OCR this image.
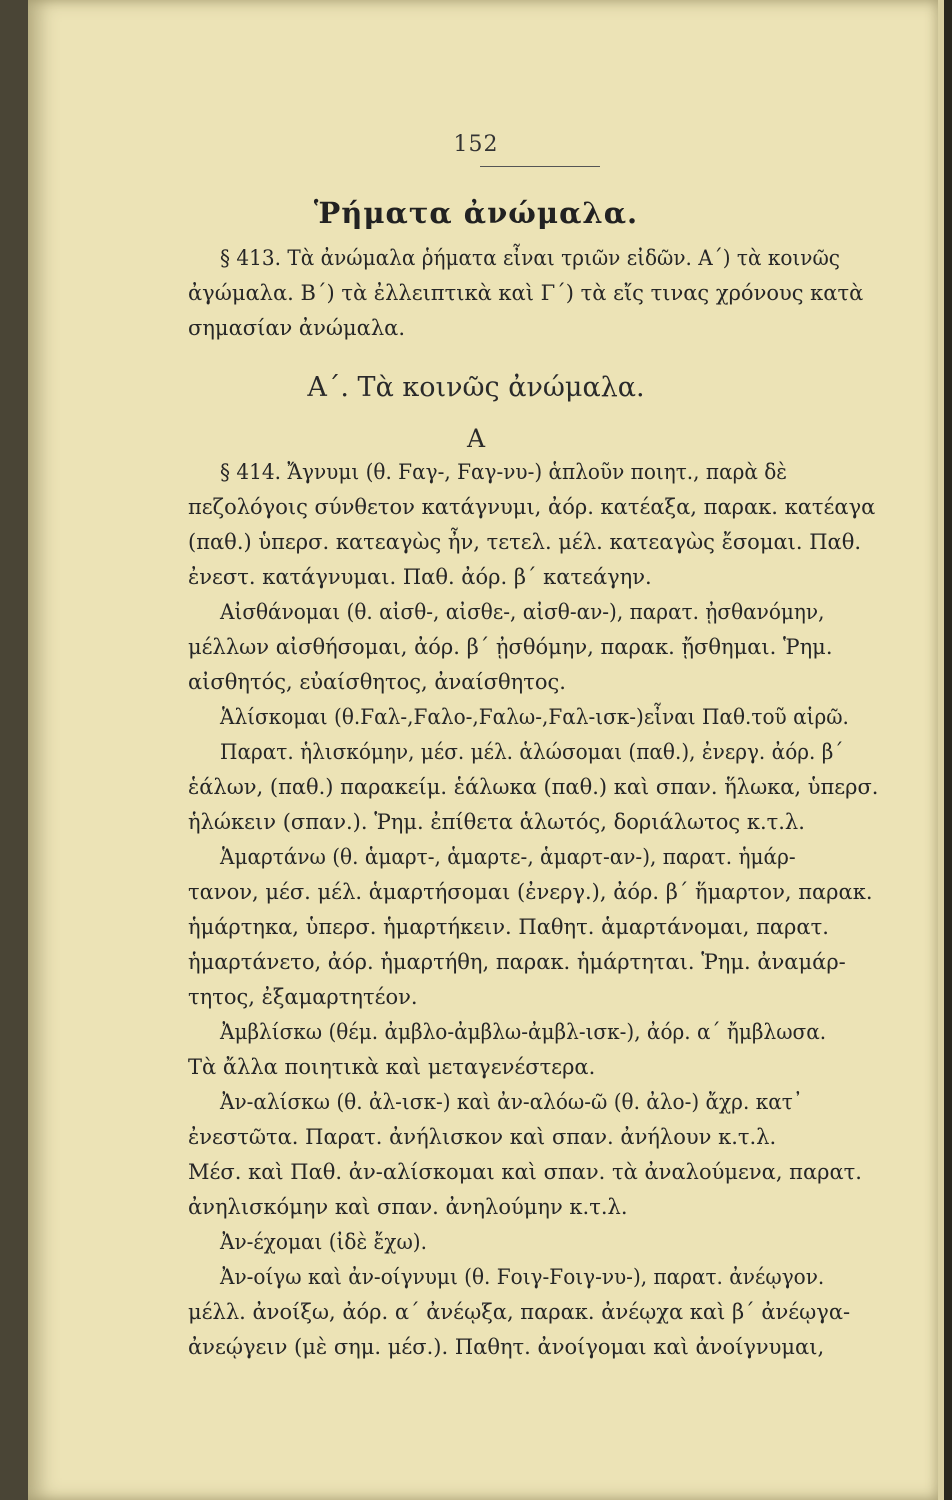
152
Ῥήματα ἀνώμαλα.
§ 413. Τὰ ἀνώμαλα ῥήματα εἶναι τριῶν εἰδῶν. Α΄) τὰ κοινῶς
ἀγώμαλα. Β΄) τὰ ἐλλειπτικὰ καὶ Γ΄) τὰ εἴς τινας χρόνους κατὰ
σημασίαν ἀνώμαλα.
Α΄. Τὰ κοινῶς ἀνώμαλα.
Α
§ 414. Ἄγνυμι (θ. Ϝαγ-, Ϝαγ-νυ-) ἁπλοῦν ποιητ., παρὰ δὲ
πεζολόγοις σύνθετον κατάγνυμι, ἀόρ. κατέαξα, παρακ. κατέαγα
(παθ.) ὑπερσ. κατεαγὼς ἦν, τετελ. μέλ. κατεαγὼς ἔσομαι. Παθ.
ἐνεστ. κατάγνυμαι. Παθ. ἀόρ. β΄ κατεάγην.
Αἰσθάνομαι (θ. αἰσθ-, αἰσθε-, αἰσθ-αν-), παρατ. ᾐσθανόμην,
μέλλων αἰσθήσομαι, ἀόρ. β΄ ᾐσθόμην, παρακ. ᾔσθημαι. Ῥημ.
αἰσθητός, εὐαίσθητος, ἀναίσθητος.
Ἁλίσκομαι (θ.Ϝαλ-,Ϝαλο-,Ϝαλω-,Ϝαλ-ισκ-)εἶναι Παθ.τοῦ αἱρῶ.
Παρατ. ἡλισκόμην, μέσ. μέλ. ἁλώσομαι (παθ.), ἐνεργ. ἀόρ. β΄
ἑάλων, (παθ.) παρακείμ. ἑάλωκα (παθ.) καὶ σπαν. ἥλωκα, ὑπερσ.
ἡλώκειν (σπαν.). Ῥημ. ἐπίθετα ἁλωτός, δοριάλωτος κ.τ.λ.
Ἁμαρτάνω (θ. ἁμαρτ-, ἁμαρτε-, ἁμαρτ-αν-), παρατ. ἡμάρ-
τανον, μέσ. μέλ. ἁμαρτήσομαι (ἐνεργ.), ἀόρ. β΄ ἥμαρτον, παρακ.
ἡμάρτηκα, ὑπερσ. ἡμαρτήκειν. Παθητ. ἁμαρτάνομαι, παρατ.
ἡμαρτάνετο, ἀόρ. ἡμαρτήθη, παρακ. ἡμάρτηται. Ῥημ. ἀναμάρ-
τητος, ἐξαμαρτητέον.
Ἀμβλίσκω (θέμ. ἀμβλο-ἀμβλω-ἀμβλ-ισκ-), ἀόρ. α΄ ἤμβλωσα.
Τὰ ἄλλα ποιητικὰ καὶ μεταγενέστερα.
Ἀν-αλίσκω (θ. ἀλ-ισκ-) καὶ ἀν-αλόω-ῶ (θ. ἀλο-) ἄχρ. κατ᾽
ἐνεστῶτα. Παρατ. ἀνήλισκον καὶ σπαν. ἀνήλουν κ.τ.λ.
Μέσ. καὶ Παθ. ἀν-αλίσκομαι καὶ σπαν. τὰ ἀναλούμενα, παρατ.
ἀνηλισκόμην καὶ σπαν. ἀνηλούμην κ.τ.λ.
Ἀν-έχομαι (ἰδὲ ἔχω).
Ἀν-οίγω καὶ ἀν-οίγνυμι (θ. Ϝοιγ-Ϝοιγ-νυ-), παρατ. ἀνέῳγον.
μέλλ. ἀνοίξω, ἀόρ. α΄ ἀνέῳξα, παρακ. ἀνέῳχα καὶ β΄ ἀνέῳγα-
ἀνεῴγειν (μὲ σημ. μέσ.). Παθητ. ἀνοίγομαι καὶ ἀνοίγνυμαι,
